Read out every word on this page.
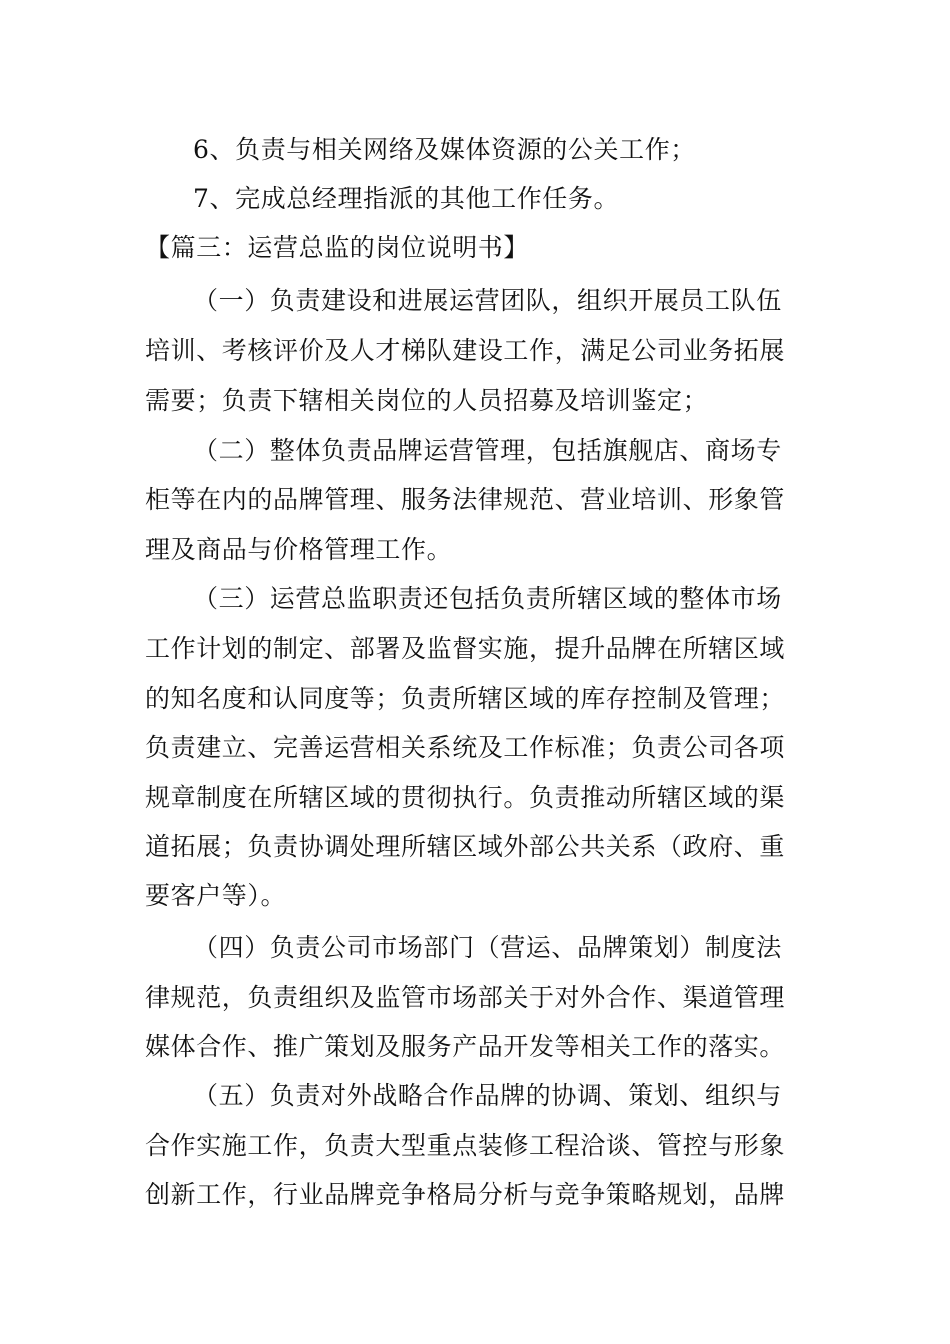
6、负责与相关网络及媒体资源的公关工作；
7、完成总经理指派的其他工作任务。
【篇三：运营总监的岗位说明书】
（一）负责建设和进展运营团队，组织开展员工队伍
培训、考核评价及人才梯队建设工作，满足公司业务拓展
需要；负责下辖相关岗位的人员招募及培训鉴定；
（二）整体负责品牌运营管理，包括旗舰店、商场专
柜等在内的品牌管理、服务法律规范、营业培训、形象管
理及商品与价格管理工作。
（三）运营总监职责还包括负责所辖区域的整体市场
工作计划的制定、部署及监督实施，提升品牌在所辖区域
的知名度和认同度等；负责所辖区域的库存控制及管理；
负责建立、完善运营相关系统及工作标准；负责公司各项
规章制度在所辖区域的贯彻执行。负责推动所辖区域的渠
道拓展；负责协调处理所辖区域外部公共关系（政府、重
要客户等）。
（四）负责公司市场部门（营运、品牌策划）制度法
律规范，负责组织及监管市场部关于对外合作、渠道管理
媒体合作、推广策划及服务产品开发等相关工作的落实。
（五）负责对外战略合作品牌的协调、策划、组织与
合作实施工作，负责大型重点装修工程洽谈、管控与形象
创新工作，行业品牌竞争格局分析与竞争策略规划，品牌
